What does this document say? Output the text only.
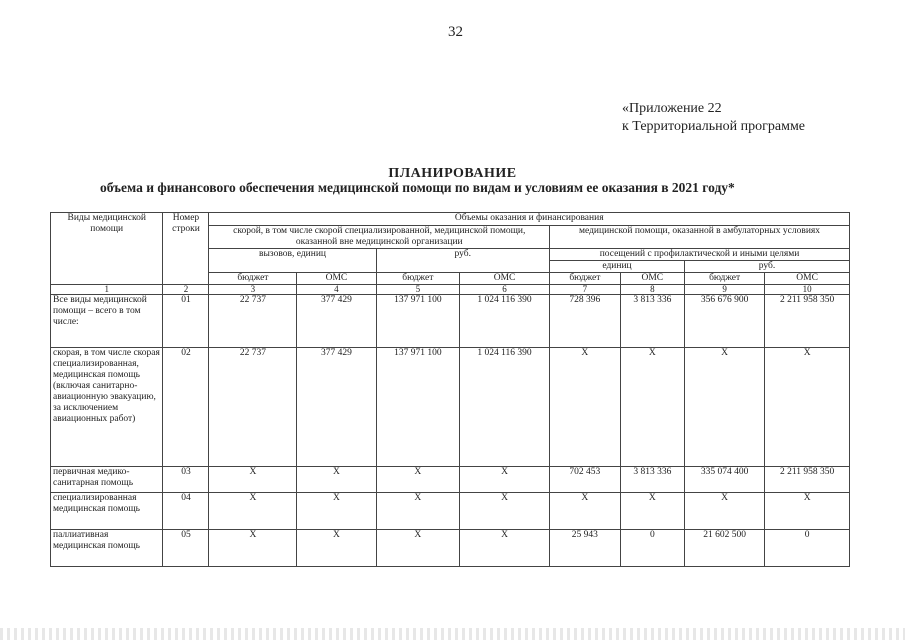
32
«Приложение 22
к Территориальной программе
ПЛАНИРОВАНИЕ
объема и финансового обеспечения медицинской помощи по видам и условиям ее оказания в 2021 году*
Виды медицинской помощи	Номер строки	Объемы оказания и финансирования							
		скорой, в том числе скорой специализированной, медицинской помощи, оказанной вне медицинской организации				медицинской помощи, оказанной в амбулаторных условиях			
		вызовов, единиц		руб.		посещений с профилактической и иными целями			
						единиц		руб.	
		бюджет	ОМС	бюджет	ОМС	бюджет	ОМС	бюджет	ОМС
1	2	3	4	5	6	7	8	9	10
Все виды медицинской помощи – всего в том числе:	01	22 737	377 429	137 971 100	1 024 116 390	728 396	3 813 336	356 676 900	2 211 958 350
скорая, в том числе скорая специализированная, медицинская помощь (включая санитарно-авиационную эвакуацию, за исключением авиационных работ)	02	22 737	377 429	137 971 100	1 024 116 390	X	X	X	X
первичная медико-санитарная помощь	03	X	X	X	X	702 453	3 813 336	335 074 400	2 211 958 350
специализированная медицинская помощь	04	X	X	X	X	X	X	X	X
паллиативная медицинская помощь	05	X	X	X	X	25 943	0	21 602 500	0
